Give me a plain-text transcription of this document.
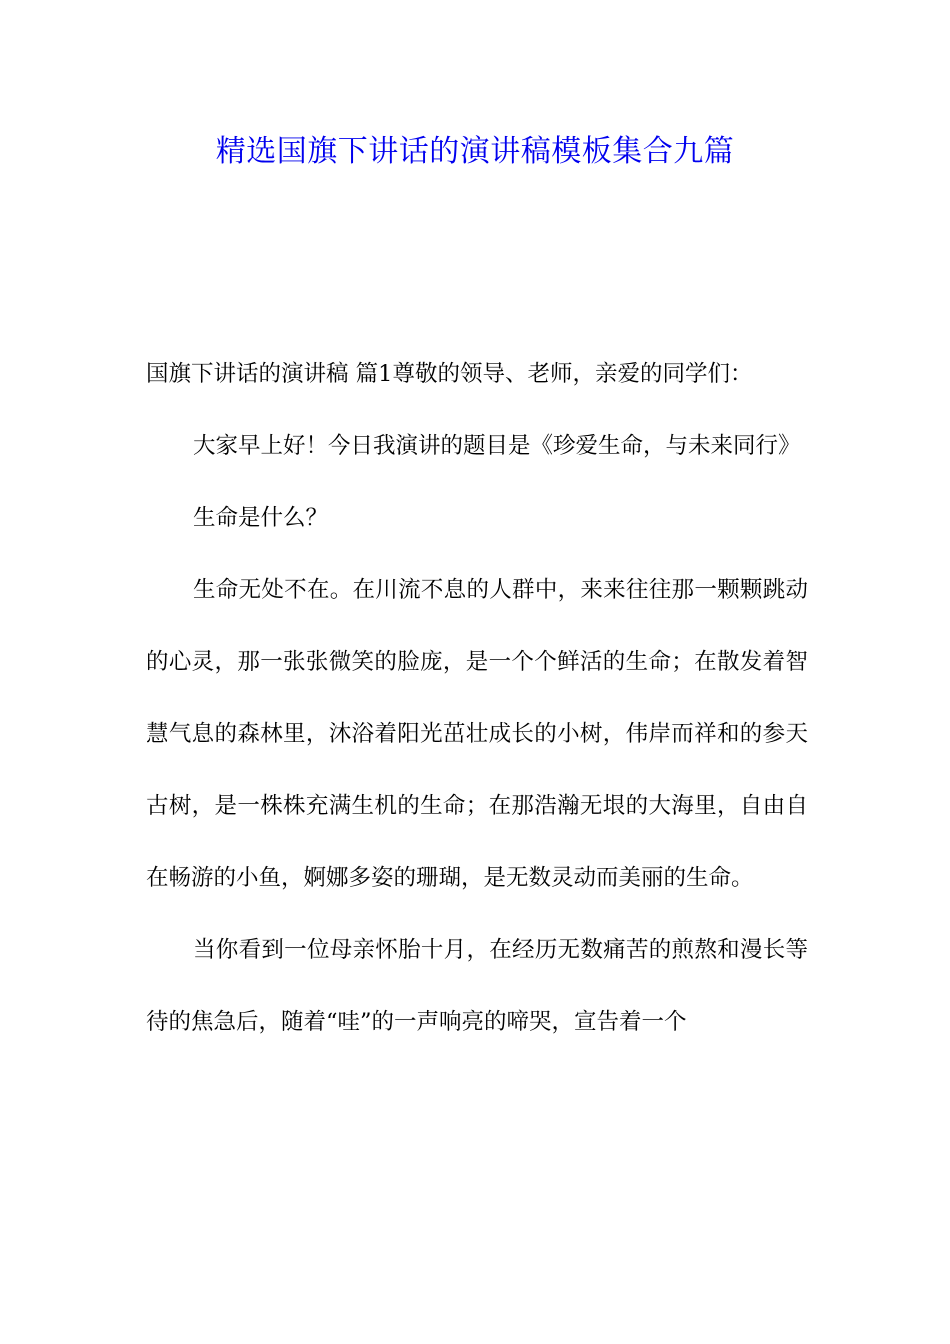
精选国旗下讲话的演讲稿模板集合九篇

国旗下讲话的演讲稿 篇1尊敬的领导、老师，亲爱的同学们：

大家早上好！今日我演讲的题目是《珍爱生命，与未来同行》

生命是什么？

生命无处不在。在川流不息的人群中，来来往往那一颗颗跳动的心灵，那一张张微笑的脸庞，是一个个鲜活的生命；在散发着智慧气息的森林里，沐浴着阳光茁壮成长的小树，伟岸而祥和的参天古树，是一株株充满生机的生命；在那浩瀚无垠的大海里，自由自在畅游的小鱼，婀娜多姿的珊瑚，是无数灵动而美丽的生命。

当你看到一位母亲怀胎十月，在经历无数痛苦的煎熬和漫长等待的焦急后，随着“哇”的一声响亮的啼哭，宣告着一个
